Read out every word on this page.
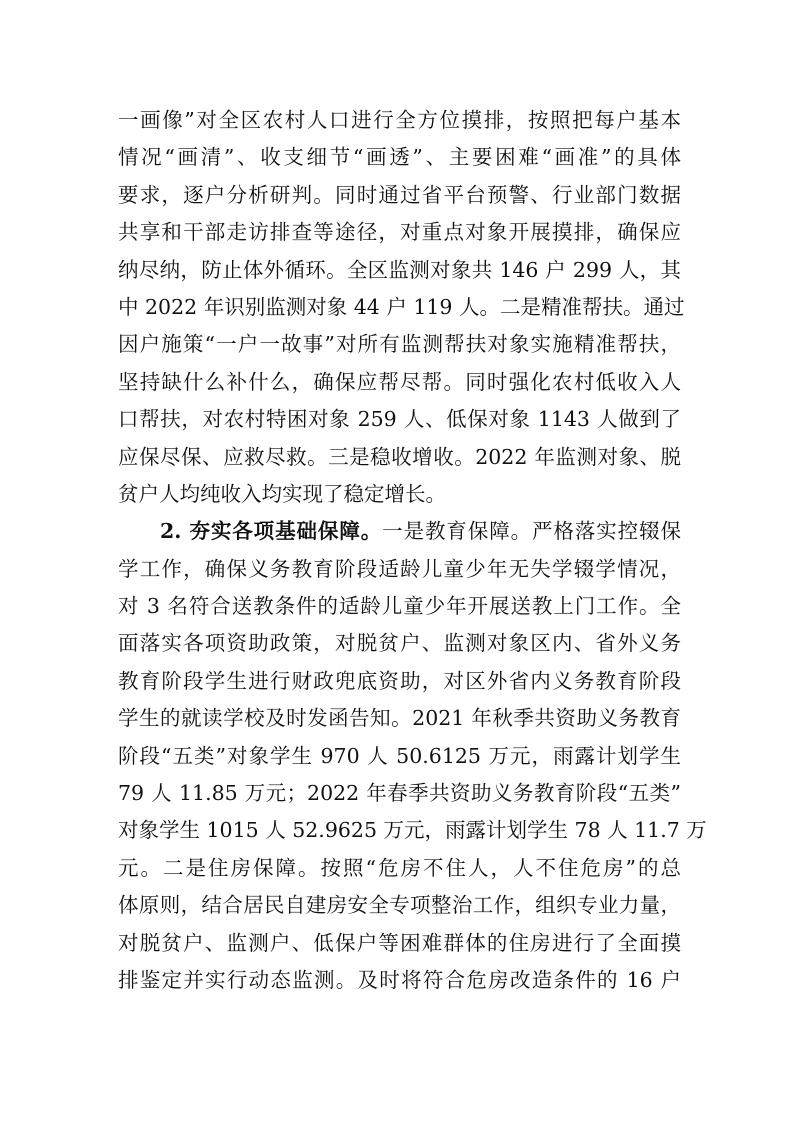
一画像”对全区农村人口进行全方位摸排，按照把每户基本
情况“画清”、收支细节“画透”、主要困难“画准”的具体
要求，逐户分析研判。同时通过省平台预警、行业部门数据
共享和干部走访排查等途径，对重点对象开展摸排，确保应
纳尽纳，防止体外循环。全区监测对象共 146 户 299 人，其
中 2022 年识别监测对象 44 户 119 人。二是精准帮扶。通过
因户施策“一户一故事”对所有监测帮扶对象实施精准帮扶，
坚持缺什么补什么，确保应帮尽帮。同时强化农村低收入人
口帮扶，对农村特困对象 259 人、低保对象 1143 人做到了
应保尽保、应救尽救。三是稳收增收。2022 年监测对象、脱
贫户人均纯收入均实现了稳定增长。
2. 夯实各项基础保障。一是教育保障。严格落实控辍保
学工作，确保义务教育阶段适龄儿童少年无失学辍学情况，
对 3 名符合送教条件的适龄儿童少年开展送教上门工作。全
面落实各项资助政策，对脱贫户、监测对象区内、省外义务
教育阶段学生进行财政兜底资助，对区外省内义务教育阶段
学生的就读学校及时发函告知。2021 年秋季共资助义务教育
阶段“五类”对象学生 970 人 50.6125 万元，雨露计划学生
79 人 11.85 万元；2022 年春季共资助义务教育阶段“五类”
对象学生 1015 人 52.9625 万元，雨露计划学生 78 人 11.7 万
元。二是住房保障。按照“危房不住人，人不住危房”的总
体原则，结合居民自建房安全专项整治工作，组织专业力量，
对脱贫户、监测户、低保户等困难群体的住房进行了全面摸
排鉴定并实行动态监测。及时将符合危房改造条件的 16 户
